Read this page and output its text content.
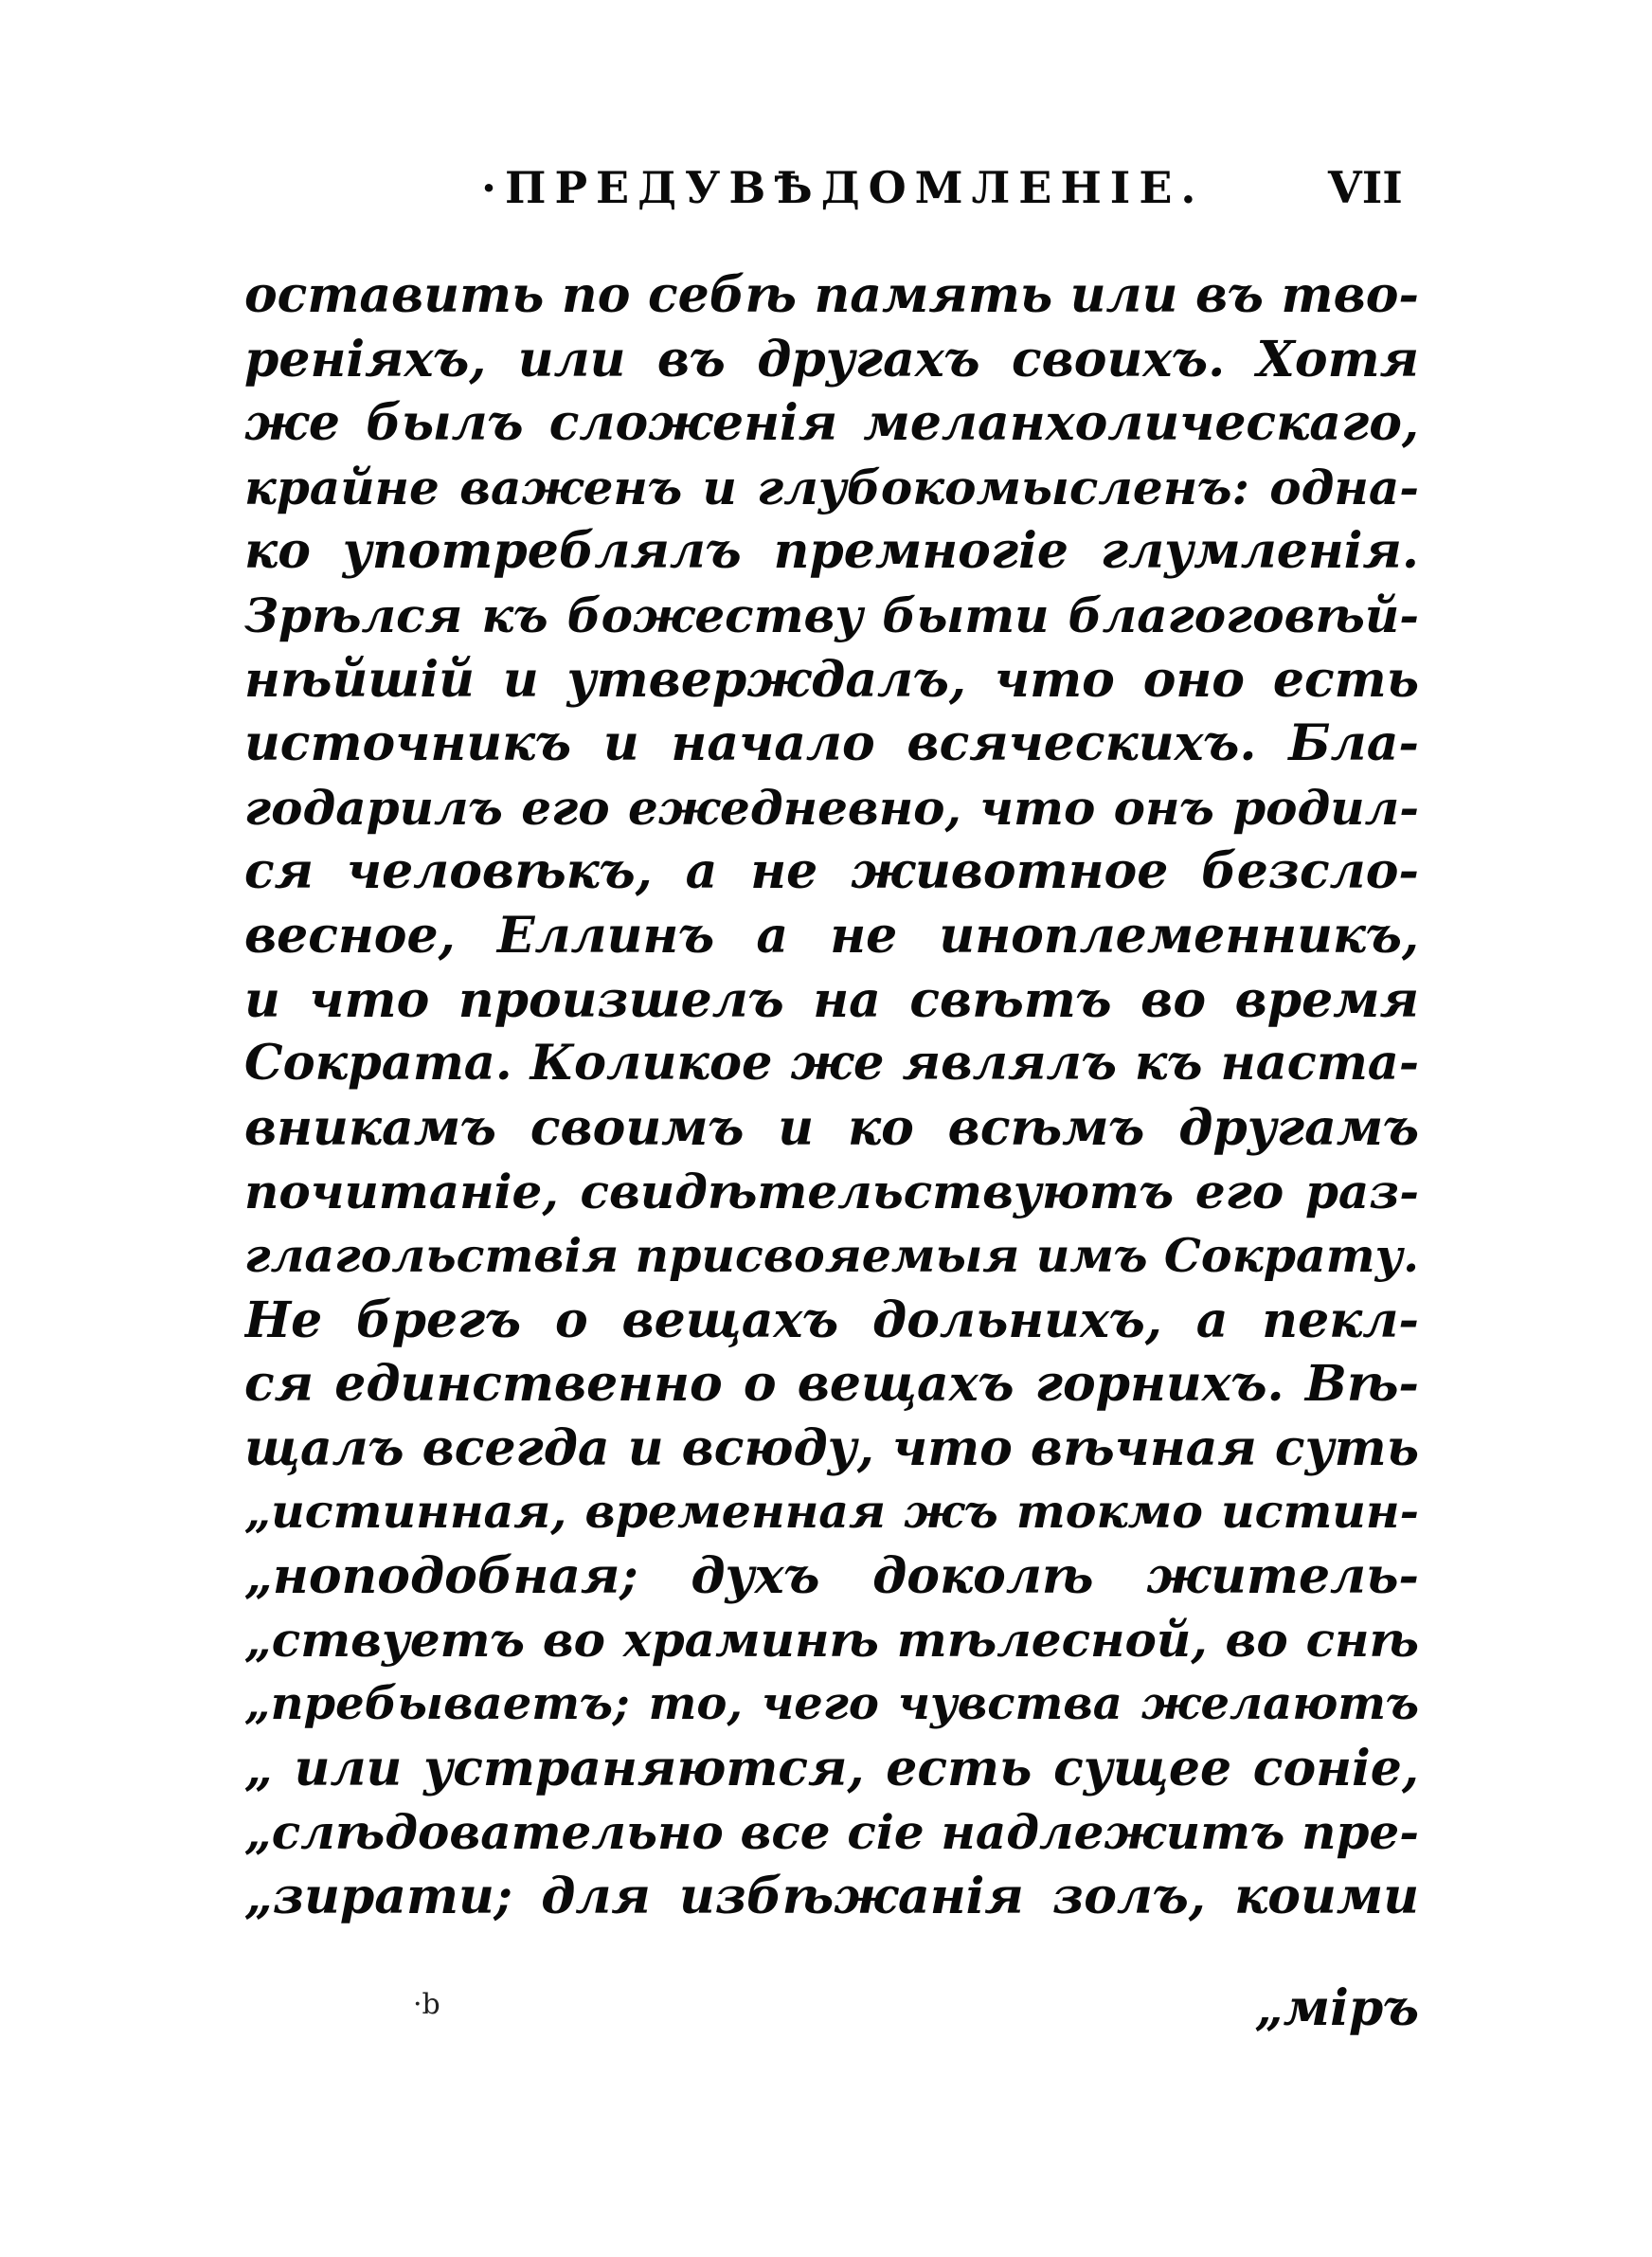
·ПРЕДУВѢДОМЛЕНІЕ.	VII
оставить по себѣ память или въ тво-
реніяхъ, или въ другахъ своихъ. Хотя
же былъ сложенія меланхолическаго,
крайне важенъ и глубокомысленъ: одна-
ко употреблялъ премногіе глумленія.
Зрѣлся къ божеству быти благоговѣй-
нѣйшій и утверждалъ, что оно есть
источникъ и начало всяческихъ. Бла-
годарилъ его ежедневно, что онъ родил-
ся человѣкъ, а не животное безсло-
весное, Еллинъ а не иноплеменникъ,
и что произшелъ на свѣтъ во время
Сократа. Коликое же являлъ къ наста-
вникамъ своимъ и ко всѣмъ другамъ
почитаніе, свидѣтельствуютъ его раз-
глагольствія присвояемыя имъ Сократу.
Не брегъ о вещахъ дольнихъ, а пекл-
ся единственно о вещахъ горнихъ. Вѣ-
щалъ всегда и всюду, что вѣчная суть
„истинная, временная жъ токмо истин-
„ноподобная; духъ доколѣ житель-
„ствуетъ во храминѣ тѣлесной, во снѣ
„пребываетъ; то, чего чувства желаютъ
„ или устраняются, есть сущее соніе,
„слѣдовательно все сіе надлежитъ пре-
„зирати; для избѣжанія золъ, коими
·b	„міръ
